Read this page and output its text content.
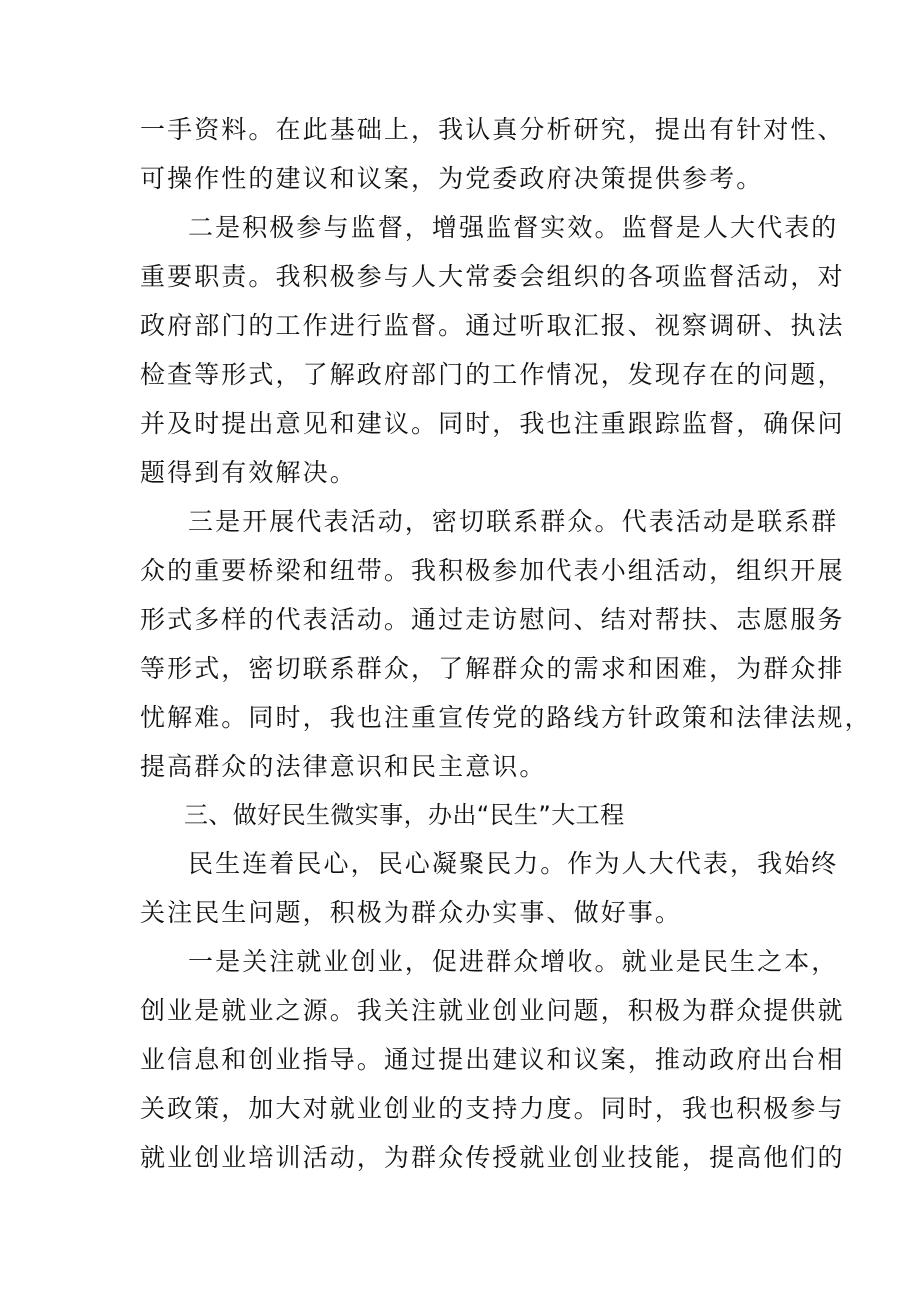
一手资料。在此基础上，我认真分析研究，提出有针对性、
可操作性的建议和议案，为党委政府决策提供参考。
二是积极参与监督，增强监督实效。监督是人大代表的
重要职责。我积极参与人大常委会组织的各项监督活动，对
政府部门的工作进行监督。通过听取汇报、视察调研、执法
检查等形式，了解政府部门的工作情况，发现存在的问题，
并及时提出意见和建议。同时，我也注重跟踪监督，确保问
题得到有效解决。
三是开展代表活动，密切联系群众。代表活动是联系群
众的重要桥梁和纽带。我积极参加代表小组活动，组织开展
形式多样的代表活动。通过走访慰问、结对帮扶、志愿服务
等形式，密切联系群众，了解群众的需求和困难，为群众排
忧解难。同时，我也注重宣传党的路线方针政策和法律法规，
提高群众的法律意识和民主意识。
三、做好民生微实事，办出“民生”大工程
民生连着民心，民心凝聚民力。作为人大代表，我始终
关注民生问题，积极为群众办实事、做好事。
一是关注就业创业，促进群众增收。就业是民生之本，
创业是就业之源。我关注就业创业问题，积极为群众提供就
业信息和创业指导。通过提出建议和议案，推动政府出台相
关政策，加大对就业创业的支持力度。同时，我也积极参与
就业创业培训活动，为群众传授就业创业技能，提高他们的
